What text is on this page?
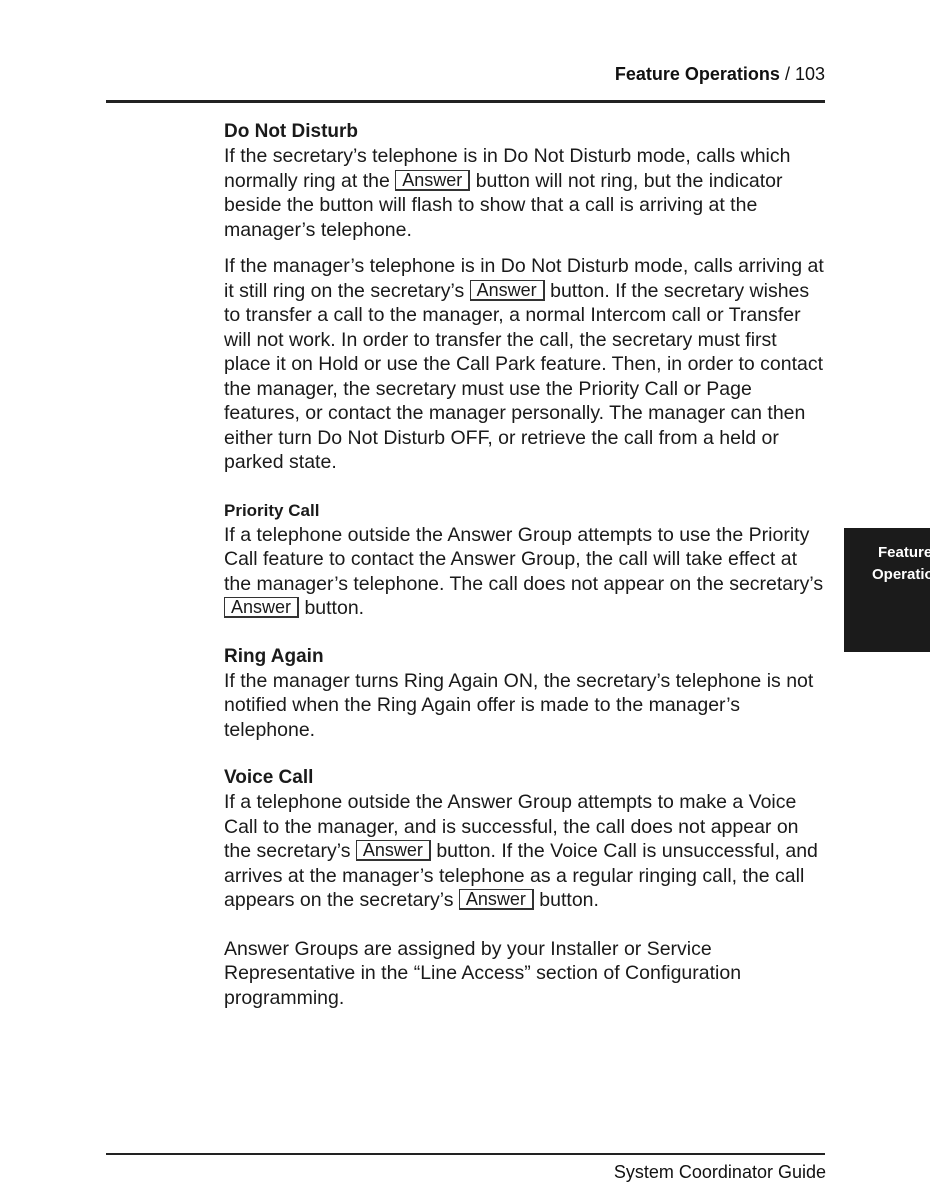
Feature Operations / 103
Do Not Disturb

If the secretary’s telephone is in Do Not Disturb mode, calls which normally ring at the Answer button will not ring, but the indicator beside the button will flash to show that a call is arriving at the manager’s telephone.

If the manager’s telephone is in Do Not Disturb mode, calls arriving at it still ring on the secretary’s Answer button. If the secretary wishes to transfer a call to the manager, a normal Intercom call or Transfer will not work. In order to transfer the call, the secretary must first place it on Hold or use the Call Park feature. Then, in order to contact the manager, the secretary must use the Priority Call or Page features, or contact the manager personally. The manager can then either turn Do Not Disturb OFF, or retrieve the call from a held or parked state.

Priority Call

If a telephone outside the Answer Group attempts to use the Priority Call feature to contact the Answer Group, the call will take effect at the manager’s telephone. The call does not appear on the secretary’s Answer button.

Ring Again

If the manager turns Ring Again ON, the secretary’s telephone is not notified when the Ring Again offer is made to the manager’s telephone.

Voice Call

If a telephone outside the Answer Group attempts to make a Voice Call to the manager, and is successful, the call does not appear on the secretary’s Answer button. If the Voice Call is unsuccessful, and arrives at the manager’s telephone as a regular ringing call, the call appears on the secretary’s Answer button.

Answer Groups are assigned by your Installer or Service Representative in the “Line Access” section of Configuration programming.

Feature
Operations
System Coordinator Guide
